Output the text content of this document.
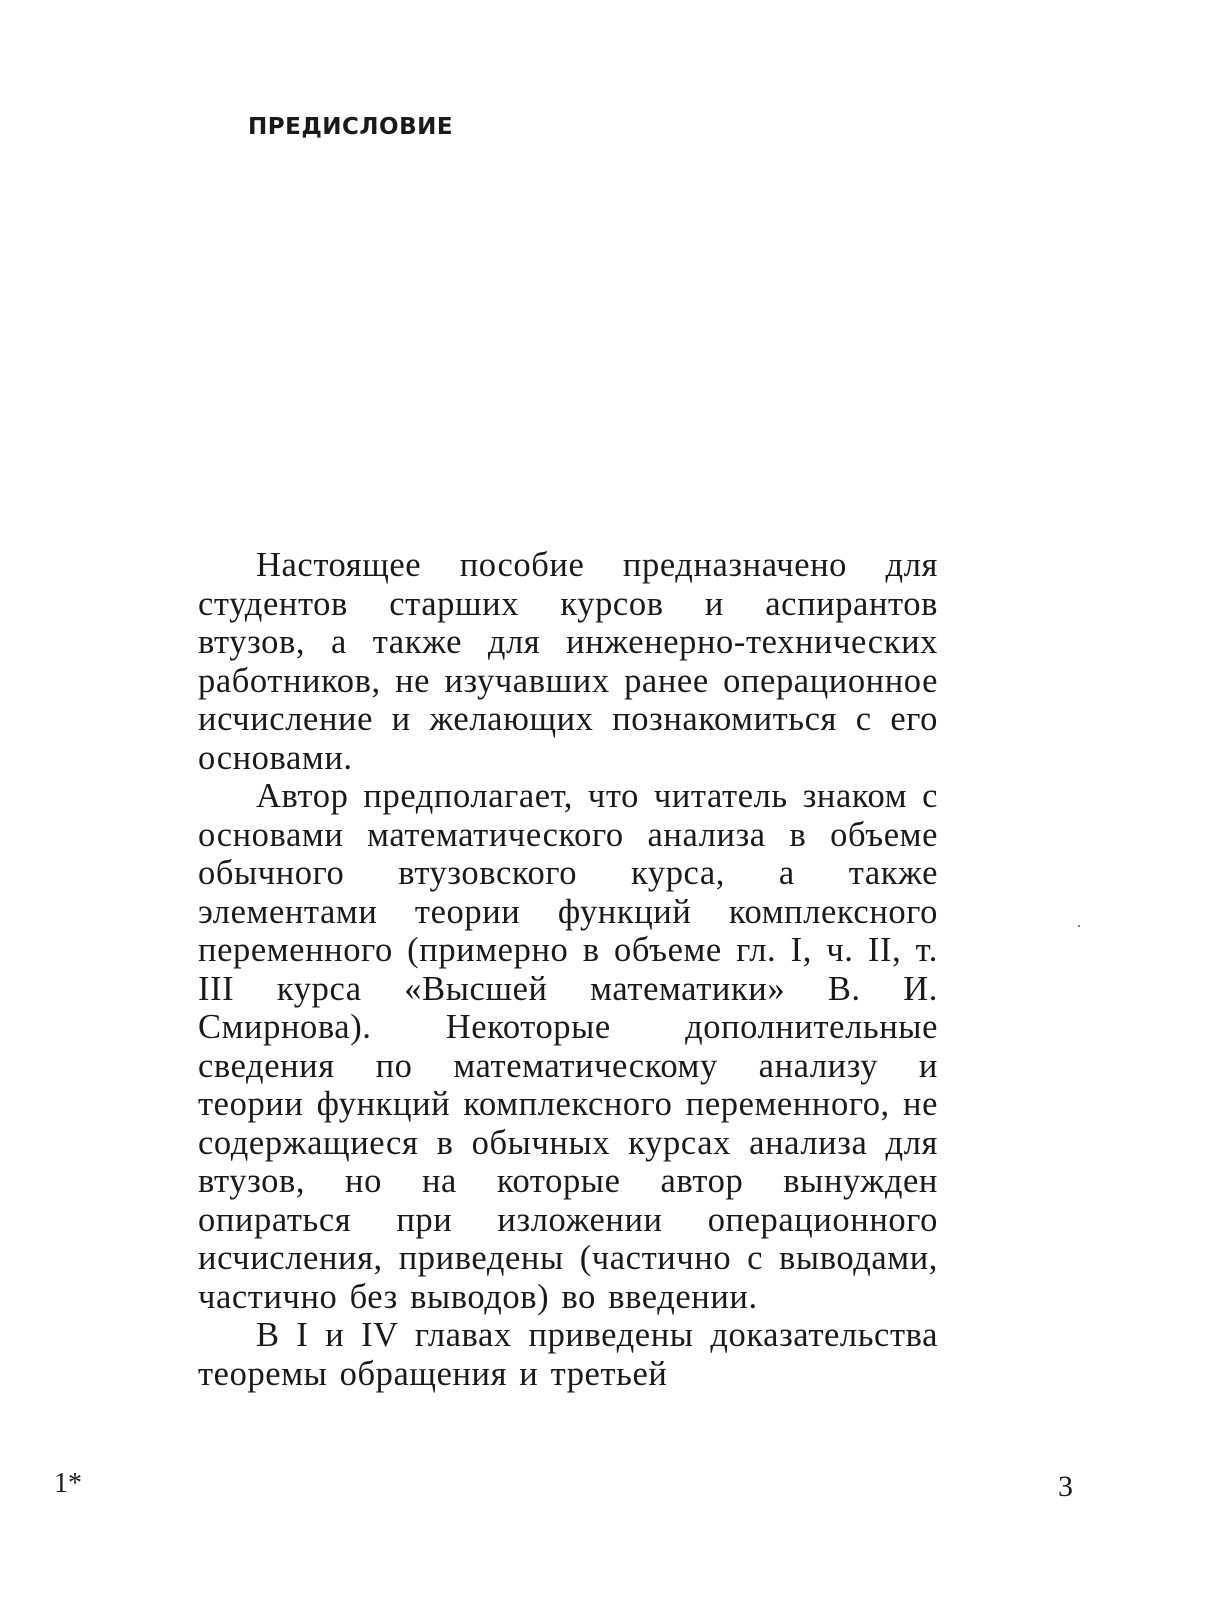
ПРЕДИСЛОВИЕ

Настоящее пособие предназначено для студентов старших курсов и аспирантов втузов, а также для инженерно-технических работников, не изучавших ранее операционное исчисление и желающих познакомиться с его основами.

Автор предполагает, что читатель знаком с основами математического анализа в объеме обычного втузовского курса, а также элементами теории функций комплексного переменного (примерно в объеме гл. I, ч. II, т. III курса «Высшей математики» В. И. Смирнова). Некоторые дополнительные сведения по математическому анализу и теории функций комплексного переменного, не содержащиеся в обычных курсах анализа для втузов, но на которые автор вынужден опираться при изложении операционного исчисления, приведены (частично с выводами, частично без выводов) во введении.

В I и IV главах приведены доказательства теоремы обращения и третьей

1*	3
